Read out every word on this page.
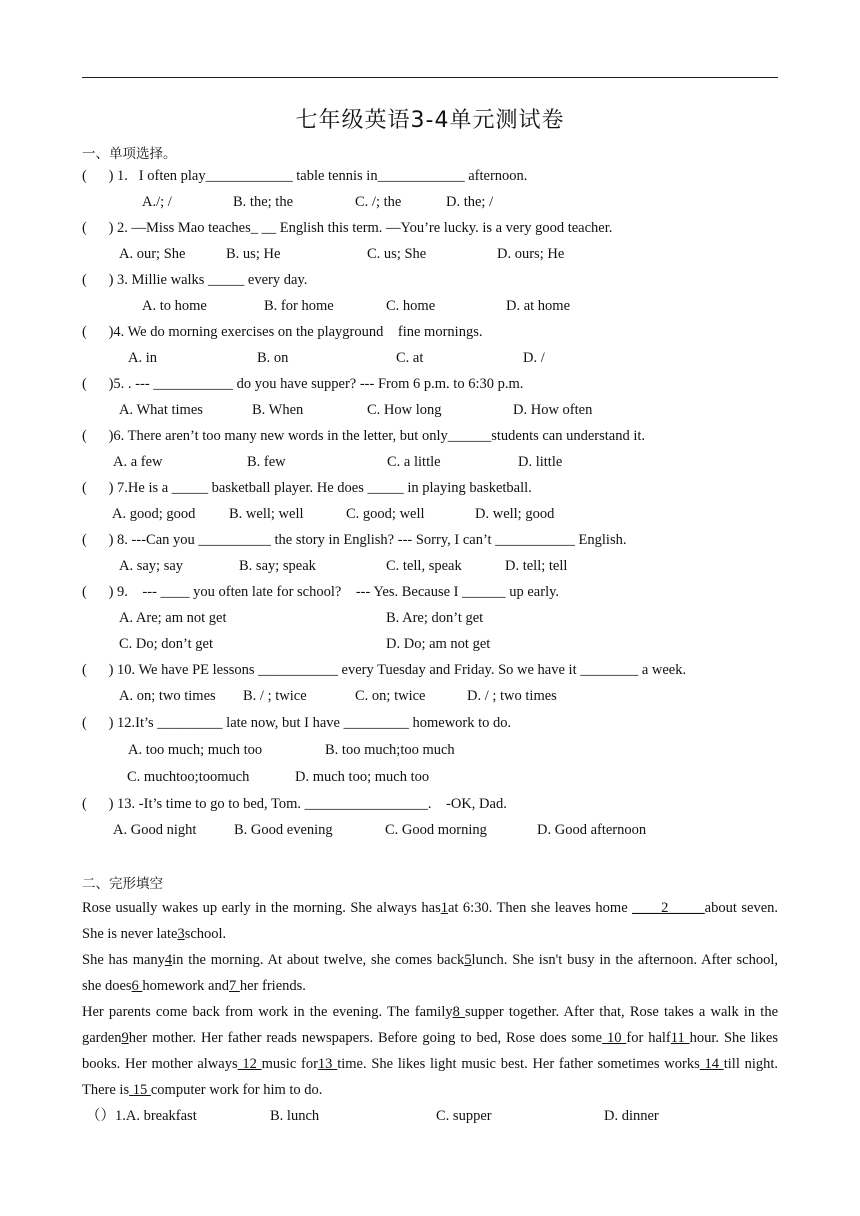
七年级英语3-4单元测试卷
一、单项选择。
(      ) 1.   I often play____________ table tennis in____________ afternoon.
A./; /	B. the; the	C. /; the	D. the; /
(      ) 2. —Miss Mao teaches_ __ English this term. —You’re lucky. is a very good teacher.
A. our; She	B. us; He	C. us; She	D. ours; He
(      ) 3. Millie walks _____ every day.
A. to home	B. for home	C. home	D. at home
(      )4. We do morning exercises on the playground    fine mornings.
A. in	B. on	C. at	D. /
(      )5. . --- ___________ do you have supper? --- From 6 p.m. to 6:30 p.m.
A. What times	B. When	C. How long	D. How often
(      )6. There aren’t too many new words in the letter, but only______students can understand it.
A. a few	B. few	C. a little	D. little
(      ) 7.He is a _____ basketball player. He does _____ in playing basketball.
A. good; good B. well; well	C. good; well	D. well; good
(      ) 8. ---Can you __________ the story in English? --- Sorry, I can’t ___________ English.
A. say; say	B. say; speak	C. tell, speak	D. tell; tell
(      ) 9.    --- ____ you often late for school?    --- Yes. Because I ______ up early.
A. Are; am not get	B. Are; don’t get
C. Do; don’t get	D. Do; am not get
(      ) 10. We have PE lessons ___________ every Tuesday and Friday. So we have it ________ a week.
A. on; two times B. / ; twice	C. on; twice	D. / ; two times
(      ) 12.It’s _________ late now, but I have _________ homework to do.
A. too much; much too	B. too much;too much
C. muchtoo;toomuch	D. much too; much too
(      ) 13. -It’s time to go to bed, Tom. _________________.    -OK, Dad.
A. Good night	B. Good evening	C. Good morning	D. Good afternoon
二、完形填空
Rose usually wakes up early in the morning. She always has1at 6:30. Then she leaves home ____2_____about seven. She is never late3school.
She has many4in the morning. At about twelve, she comes back5lunch. She isn't busy in the afternoon. After school, she does6 homework and7 her friends.
Her parents come back from work in the evening. The family8 supper together. After that, Rose takes a walk in the garden9her mother. Her father reads newspapers. Before going to bed, Rose does some 10 for half11 hour. She likes books. Her mother always 12 music for13 time. She likes light music best. Her father sometimes works 14 till night. There is 15 computer work for him to do.
（）1.A. breakfast	B. lunch	C. supper	D. dinner
